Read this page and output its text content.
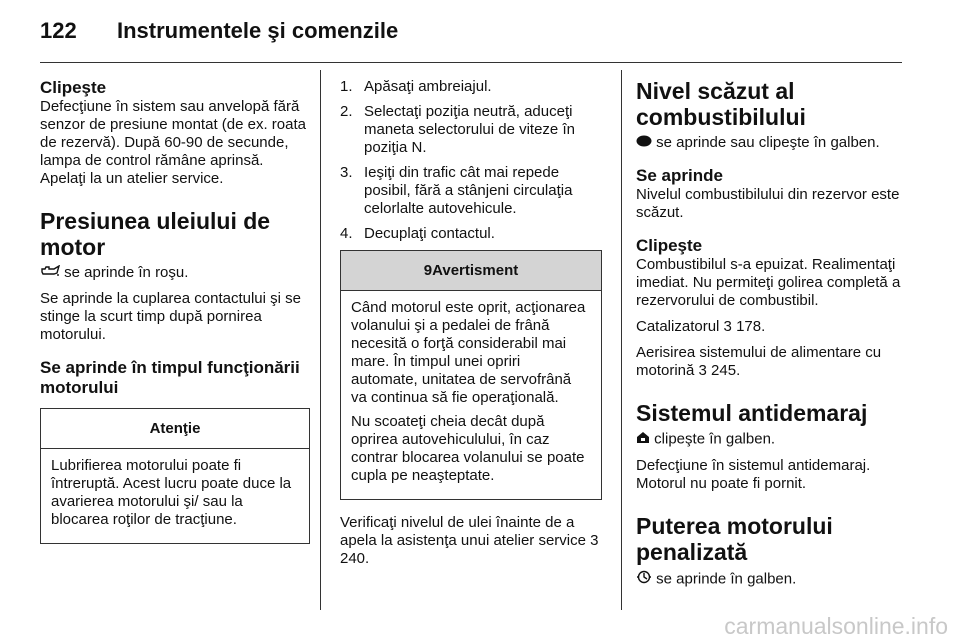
122 Instrumentele şi comenzile
Clipeşte

Defecţiune în sistem sau anvelopă fără senzor de presiune montat (de ex. roata de rezervă). După 60-90 de secunde, lampa de control rămâne aprinsă. Apelaţi la un atelier service.

Presiunea uleiului de motor

se aprinde în roşu.

Se aprinde la cuplarea contactului şi se stinge la scurt timp după pornirea motorului.

Se aprinde în timpul funcţionării motorului
Atenţie

Lubrifierea motorului poate fi întreruptă. Acest lucru poate duce la avarierea motorului şi/ sau la blocarea roţilor de tracţiune.

1. Apăsaţi ambreiajul.
2. Selectaţi poziţia neutră, aduceţi maneta selectorului de viteze în poziţia N.
3. Ieşiţi din trafic cât mai repede posibil, fără a stânjeni circulaţia celorlalte autovehicule.
4. Decuplaţi contactul.
9Avertisment

Când motorul este oprit, acţionarea volanului şi a pedalei de frână necesită o forţă considerabil mai mare. În timpul unei opriri automate, unitatea de servofrână va continua să fie operaţională.

Nu scoateţi cheia decât după oprirea autovehiculului, în caz contrar blocarea volanului se poate cupla pe neaşteptate.

Verificaţi nivelul de ulei înainte de a apela la asistenţa unui atelier service 3 240.

Nivel scăzut al combustibilului

se aprinde sau clipeşte în galben.

Se aprinde

Nivelul combustibilului din rezervor este scăzut.

Clipeşte

Combustibilul s-a epuizat. Realimentaţi imediat. Nu permiteţi golirea completă a rezervorului de combustibil.

Catalizatorul 3 178.

Aerisirea sistemului de alimentare cu motorină 3 245.

Sistemul antidemaraj

clipeşte în galben.

Defecţiune în sistemul antidemaraj. Motorul nu poate fi pornit.

Puterea motorului penalizată

se aprinde în galben.

carmanualsonline.info
